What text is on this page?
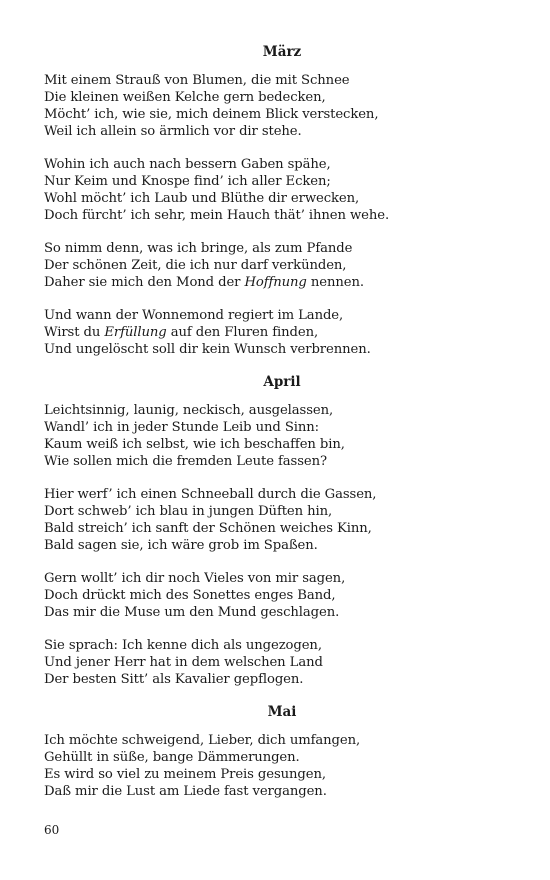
März
Mit einem Strauß von Blumen, die mit Schnee
Die kleinen weißen Kelche gern bedecken,
Möcht’ ich, wie sie, mich deinem Blick verstecken,
Weil ich allein so ärmlich vor dir stehe.
Wohin ich auch nach bessern Gaben spähe,
Nur Keim und Knospe find’ ich aller Ecken;
Wohl möcht’ ich Laub und Blüthe dir erwecken,
Doch fürcht’ ich sehr, mein Hauch thät’ ihnen wehe.
So nimm denn, was ich bringe, als zum Pfande
Der schönen Zeit, die ich nur darf verkünden,
Daher sie mich den Mond der Hoffnung nennen.
Und wann der Wonnemond regiert im Lande,
Wirst du Erfüllung auf den Fluren finden,
Und ungelöscht soll dir kein Wunsch verbrennen.
April
Leichtsinnig, launig, neckisch, ausgelassen,
Wandl’ ich in jeder Stunde Leib und Sinn:
Kaum weiß ich selbst, wie ich beschaffen bin,
Wie sollen mich die fremden Leute fassen?
Hier werf’ ich einen Schneeball durch die Gassen,
Dort schweb’ ich blau in jungen Düften hin,
Bald streich’ ich sanft der Schönen weiches Kinn,
Bald sagen sie, ich wäre grob im Spaßen.
Gern wollt’ ich dir noch Vieles von mir sagen,
Doch drückt mich des Sonettes enges Band,
Das mir die Muse um den Mund geschlagen.
Sie sprach: Ich kenne dich als ungezogen,
Und jener Herr hat in dem welschen Land
Der besten Sitt’ als Kavalier gepflogen.
Mai
Ich möchte schweigend, Lieber, dich umfangen,
Gehüllt in süße, bange Dämmerungen.
Es wird so viel zu meinem Preis gesungen,
Daß mir die Lust am Liede fast vergangen.
60
